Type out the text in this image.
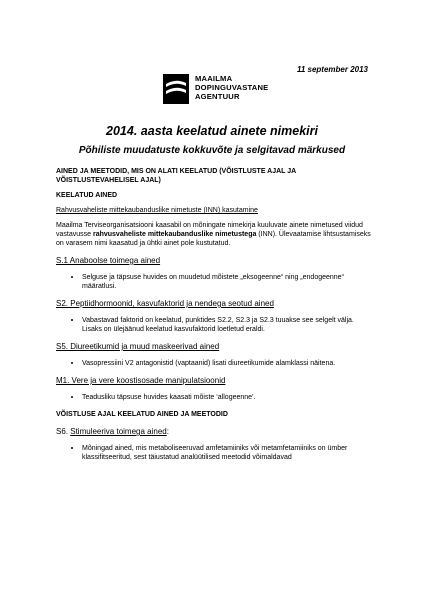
11 september 2013
MAAILMA
DOPINGUVASTANE
AGENTUUR
2014. aasta keelatud ainete nimekiri
Põhiliste muudatuste kokkuvõte ja selgitavad märkused

AINED JA MEETODID, MIS ON ALATI KEELATUD (VÕISTLUSTE AJAL JA VÕISTLUSTEVAHELISEL AJAL)

KEELATUD AINED

Rahvusvaheliste mittekaubanduslike nimetuste (INN) kasutamine

Maailma Terviseorganisatsiooni kaasabil on mõningate nimekirja kuuluvate ainete nimetused viidud vastavusse rahvusvaheliste mittekaubanduslike nimetustega (INN). Ülevaatamise lihtsustamiseks on varasem nimi kaasatud ja ühtki ainet pole kustutatud.

S.1 Anaboolse toimega ained
• Selguse ja täpsuse huvides on muudetud mõistete „eksogeenne“ ning „endogeenne“ määratlusi.
S2. Peptiidhormoonid, kasvufaktorid ja nendega seotud ained
• Vabastavad faktorid on keelatud, punktides S2.2, S2.3 ja S2.3 tuuakse see selgelt välja. Lisaks on ülejäänud keelatud kasvufaktorid loetletud eraldi.
S5. Diureetikumid ja muud maskeerivad ained
• Vasopressiini V2 antagonistid (vaptaanid) lisati diureetikumide alamklassi näitena.
M1. Vere ja vere koostisosade manipulatsioonid
• Teadusliku täpsuse huvides kaasati mõiste ‘allogeenne’.

VÕISTLUSE AJAL KEELATUD AINED JA MEETODID

S6. Stimuleeriva toimega ained:
• Mõningad ained, mis metaboliseeruvad amfetamiiniks või metamfetamiiniks on ümber klassifitseeritud, sest täiustatud analüütilised meetodid võimaldavad
